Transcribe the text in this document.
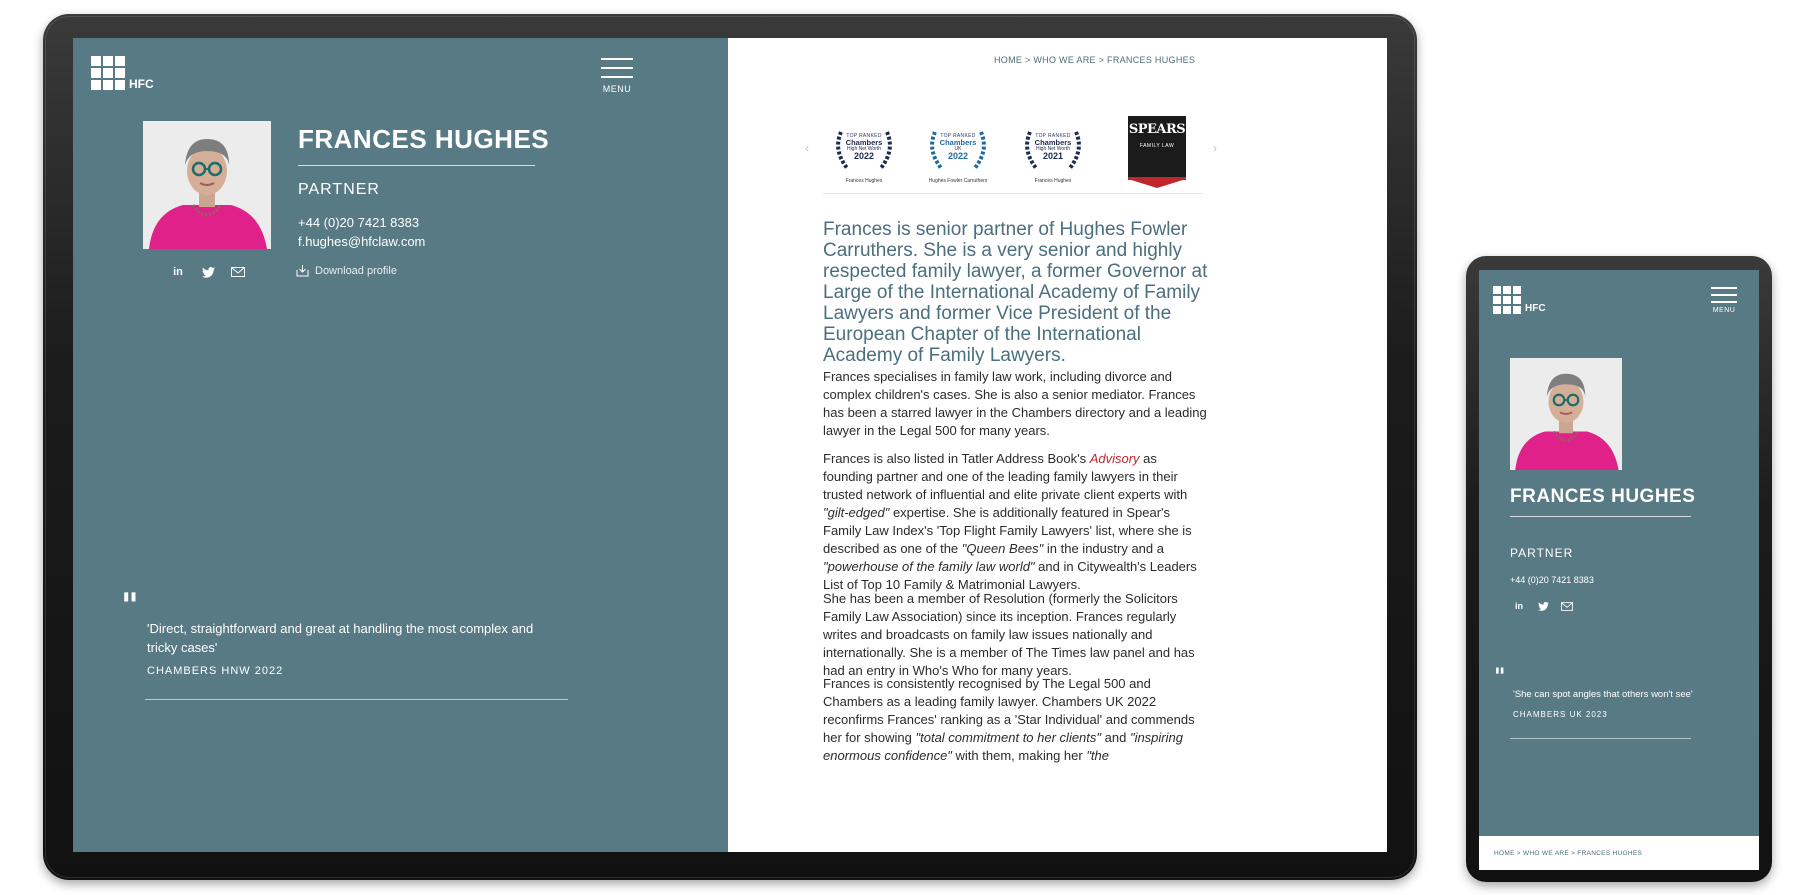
HFC	MENU
FRANCES HUGHES
PARTNER
+44 (0)20 7421 8383
f.hughes@hfclaw.com
in	Download profile
"
'Direct, straightforward and great at handling the most complex and tricky cases'
CHAMBERS HNW 2022
HOME > WHO WE ARE > FRANCES HUGHES
‹	›
TOP RANKED
Chambers
High Net Worth
2022
Frances Hughes
TOP RANKED
Chambers
UK
2022
Hughes Fowler Carruthers
TOP RANKED
Chambers
High Net Worth
2021
Frances Hughes
SPEARS
FAMILY LAW
Frances is senior partner of Hughes Fowler Carruthers. She is a very senior and highly respected family lawyer, a former Governor at Large of the International Academy of Family Lawyers and former Vice President of the European Chapter of the International Academy of Family Lawyers.
Frances specialises in family law work, including divorce and complex children's cases. She is also a senior mediator. Frances has been a starred lawyer in the Chambers directory and a leading lawyer in the Legal 500 for many years.
Frances is also listed in Tatler Address Book's Advisory as founding partner and one of the leading family lawyers in their trusted network of influential and elite private client experts with "gilt-edged" expertise. She is additionally featured in Spear's Family Law Index's 'Top Flight Family Lawyers' list, where she is described as one of the "Queen Bees" in the industry and a "powerhouse of the family law world" and in Citywealth's Leaders List of Top 10 Family & Matrimonial Lawyers.
She has been a member of Resolution (formerly the Solicitors Family Law Association) since its inception. Frances regularly writes and broadcasts on family law issues nationally and internationally. She is a member of The Times law panel and has had an entry in Who's Who for many years.
Frances is consistently recognised by The Legal 500 and Chambers as a leading family lawyer. Chambers UK 2022 reconfirms Frances' ranking as a 'Star Individual' and commends her for showing "total commitment to her clients" and "inspiring enormous confidence" with them, making her "the
HFC	MENU
FRANCES HUGHES
PARTNER
+44 (0)20 7421 8383
in
"
'She can spot angles that others won't see'
CHAMBERS UK 2023
HOME > WHO WE ARE > FRANCES HUGHES
